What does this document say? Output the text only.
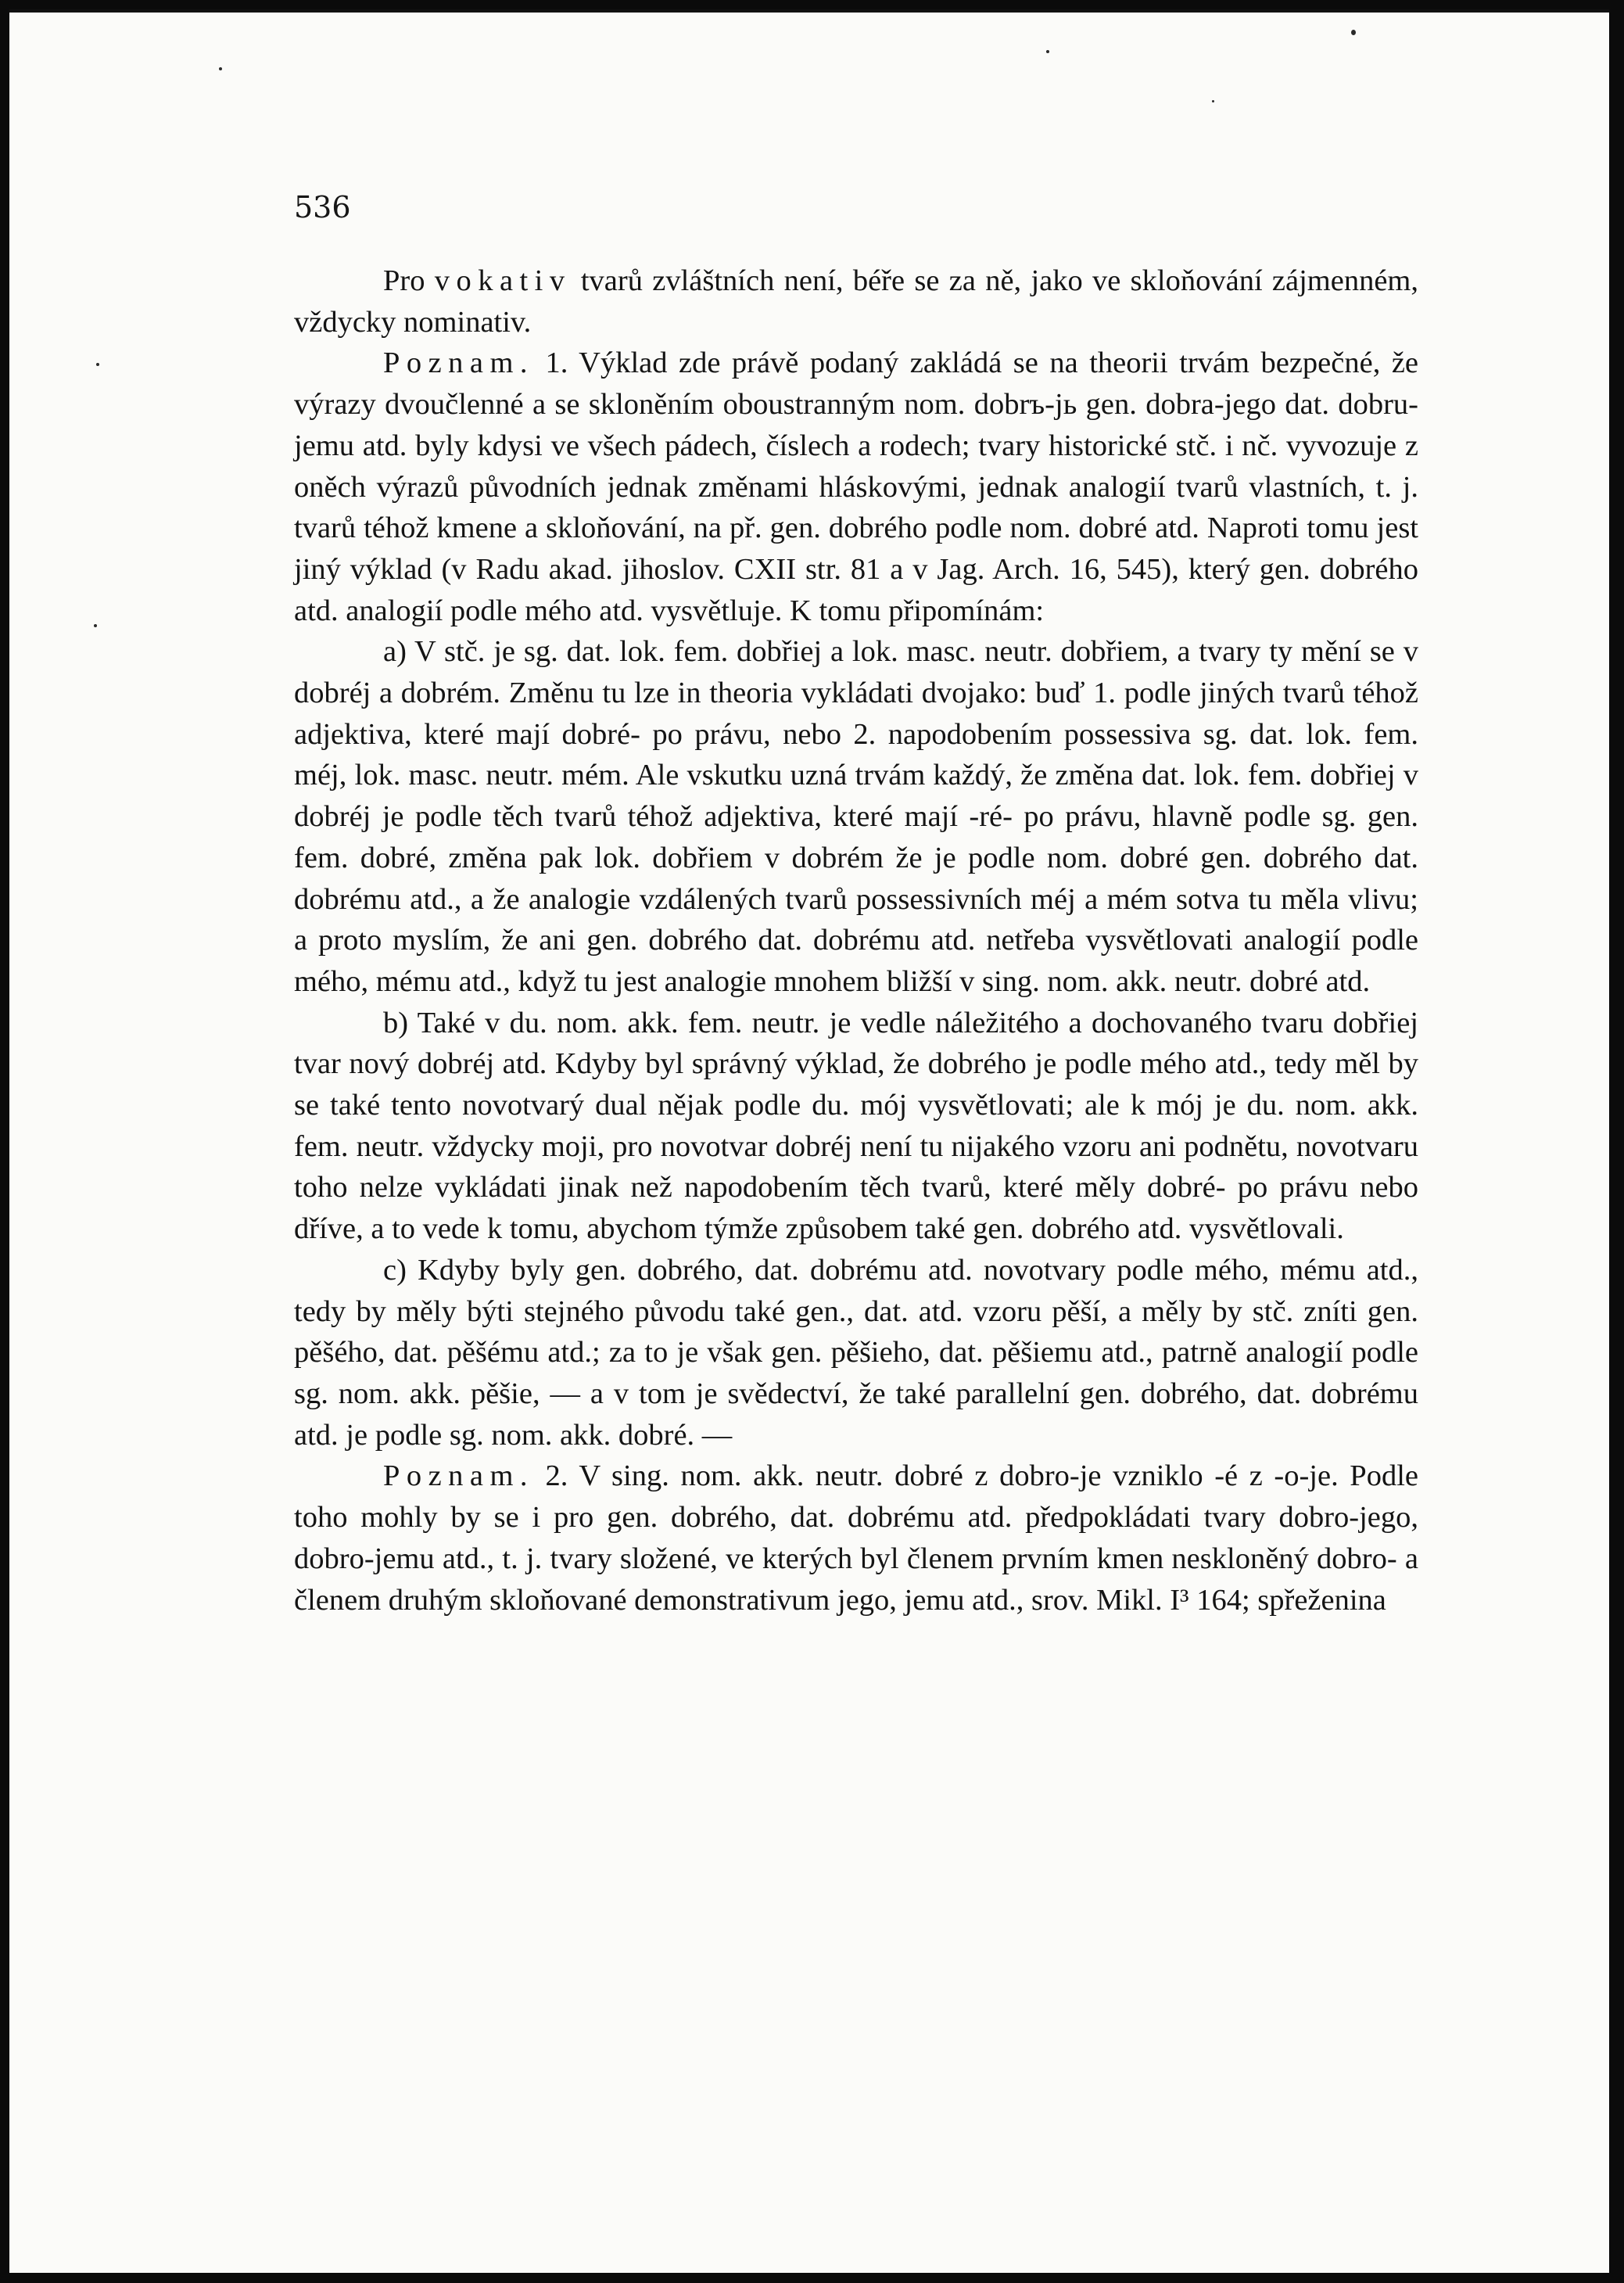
536

Pro vokativ tvarů zvláštních není, béře se za ně, jako ve skloňování zájmenném, vždycky nominativ.

Poznam. 1. Výklad zde právě podaný zakládá se na theorii trvám bezpečné, že výrazy dvoučlenné a se skloněním oboustranným nom. dobrъ-jь gen. dobra-jego dat. dobru-jemu atd. byly kdysi ve všech pádech, číslech a rodech; tvary historické stč. i nč. vyvozuje z oněch výrazů původních jednak změnami hláskovými, jednak analogií tvarů vlastních, t. j. tvarů téhož kmene a skloňování, na př. gen. dobrého podle nom. dobré atd. Naproti tomu jest jiný výklad (v Radu akad. jihoslov. CXII str. 81 a v Jag. Arch. 16, 545), který gen. dobrého atd. analogií podle mého atd. vysvětluje. K tomu připomínám:

a) V stč. je sg. dat. lok. fem. dobřiej a lok. masc. neutr. dobřiem, a tvary ty mění se v dobréj a dobrém. Změnu tu lze in theoria vykládati dvojako: buď 1. podle jiných tvarů téhož adjektiva, které mají dobré- po právu, nebo 2. napodobením possessiva sg. dat. lok. fem. méj, lok. masc. neutr. mém. Ale vskutku uzná trvám každý, že změna dat. lok. fem. dobřiej v dobréj je podle těch tvarů téhož adjektiva, které mají -ré- po právu, hlavně podle sg. gen. fem. dobré, změna pak lok. dobřiem v dobrém že je podle nom. dobré gen. dobrého dat. dobrému atd., a že analogie vzdálených tvarů possessivních méj a mém sotva tu měla vlivu; a proto myslím, že ani gen. dobrého dat. dobrému atd. netřeba vysvětlovati analogií podle mého, mému atd., když tu jest analogie mnohem bližší v sing. nom. akk. neutr. dobré atd.

b) Také v du. nom. akk. fem. neutr. je vedle náležitého a dochovaného tvaru dobřiej tvar nový dobréj atd. Kdyby byl správný výklad, že dobrého je podle mého atd., tedy měl by se také tento novotvarý dual nějak podle du. mój vysvětlovati; ale k mój je du. nom. akk. fem. neutr. vždycky moji, pro novotvar dobréj není tu nijakého vzoru ani podnětu, novotvaru toho nelze vykládati jinak než napodobením těch tvarů, které měly dobré- po právu nebo dříve, a to vede k tomu, abychom týmže způsobem také gen. dobrého atd. vysvětlovali.

c) Kdyby byly gen. dobrého, dat. dobrému atd. novotvary podle mého, mému atd., tedy by měly býti stejného původu také gen., dat. atd. vzoru pěší, a měly by stč. zníti gen. pěšého, dat. pěšému atd.; za to je však gen. pěšieho, dat. pěšiemu atd., patrně analogií podle sg. nom. akk. pěšie, — a v tom je svědectví, že také parallelní gen. dobrého, dat. dobrému atd. je podle sg. nom. akk. dobré. —

Poznam. 2. V sing. nom. akk. neutr. dobré z dobro-je vzniklo -é z -o-je. Podle toho mohly by se i pro gen. dobrého, dat. dobrému atd. předpokládati tvary dobro-jego, dobro-jemu atd., t. j. tvary složené, ve kterých byl členem prvním kmen neskloněný dobro- a členem druhým skloňované demonstrativum jego, jemu atd., srov. Mikl. I³ 164; spřeženina
